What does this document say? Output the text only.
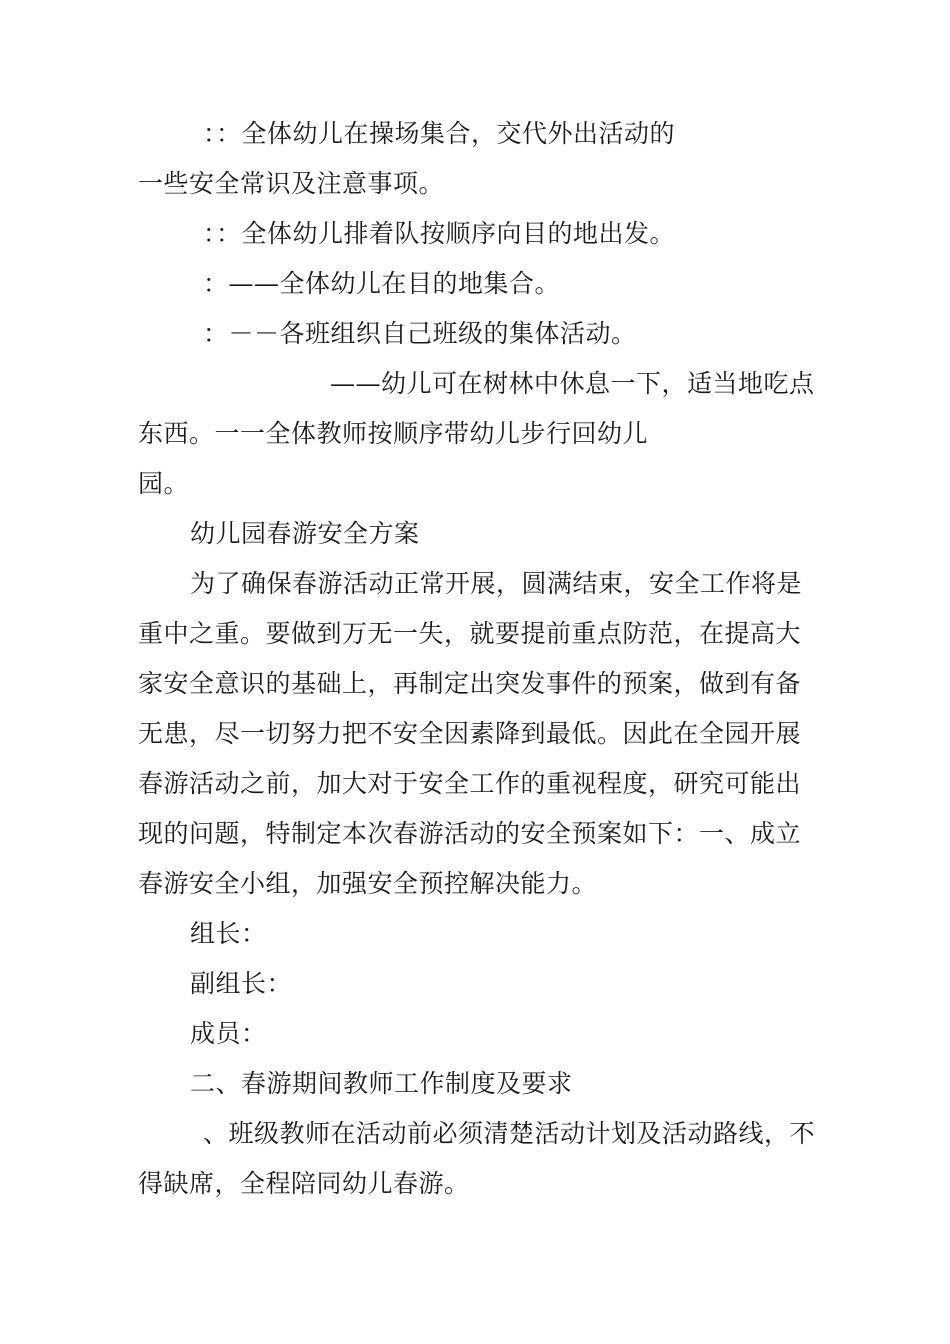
：：全体幼儿在操场集合，交代外出活动的
一些安全常识及注意事项。
：：全体幼儿排着队按顺序向目的地出发。
：——全体幼儿在目的地集合。
：－－各班组织自己班级的集体活动。
——幼儿可在树林中休息一下，适当地吃点
东西。一一全体教师按顺序带幼儿步行回幼儿
园。
幼儿园春游安全方案
为了确保春游活动正常开展，圆满结束，安全工作将是
重中之重。要做到万无一失，就要提前重点防范，在提高大
家安全意识的基础上，再制定出突发事件的预案，做到有备
无患，尽一切努力把不安全因素降到最低。因此在全园开展
春游活动之前，加大对于安全工作的重视程度，研究可能出
现的问题，特制定本次春游活动的安全预案如下：一、成立
春游安全小组，加强安全预控解决能力。
组长：
副组长：
成员：
二、春游期间教师工作制度及要求
、班级教师在活动前必须清楚活动计划及活动路线，不
得缺席，全程陪同幼儿春游。
